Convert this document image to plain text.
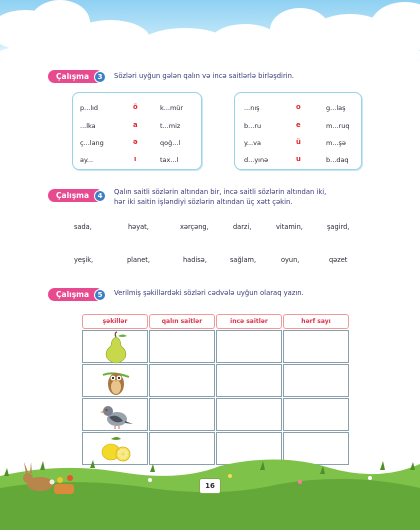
Çalışma	3	Sözləri uyğun gələn qalın və incə saitlərlə birləşdirin.
p...lıd	ö	k...mür
...lka	a	t...miz
ç...lang	ə	qoğ...l
ay...	ı	tax...l
...nış	o	g...laş
b...ru	e	m...ruq
y...va	ü	m...şə
d...yınə	u	b...daq
Çalışma	4	Qalın saitli sözlərin altından bir, incə saitli sözlərin altından iki,
hər iki saitin işləndiyi sözlərin altından üç xətt çəkin.
sada,	həyat,	xərçəng,	darzi,	vitamin,	şagird,
yeşik,	planet,	hadisə,	sağlam,	oyun,	qəzet
Çalışma	5	Verilmiş şəkillərdəki sözləri cədvələ uyğun olaraq yazın.
şəkillər	qalın saitlər	incə saitlər	hərf sayı
16
